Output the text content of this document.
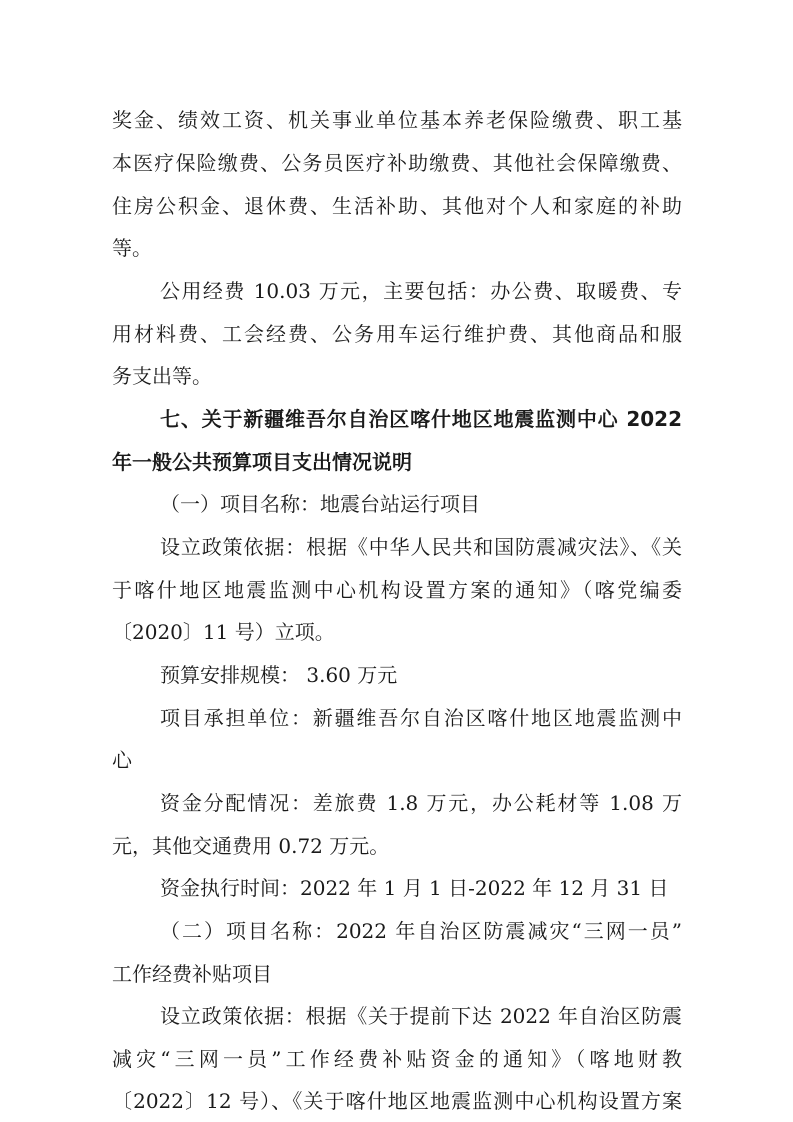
奖金、绩效工资、机关事业单位基本养老保险缴费、职工基
本医疗保险缴费、公务员医疗补助缴费、其他社会保障缴费、
住房公积金、退休费、生活补助、其他对个人和家庭的补助
等。
公用经费 10.03 万元，主要包括：办公费、取暖费、专
用材料费、工会经费、公务用车运行维护费、其他商品和服
务支出等。
七、关于新疆维吾尔自治区喀什地区地震监测中心 2022
年一般公共预算项目支出情况说明
（一）项目名称：地震台站运行项目
设立政策依据：根据《中华人民共和国防震减灾法》、《关
于喀什地区地震监测中心机构设置方案的通知》（喀党编委
〔2020〕11 号）立项。
预算安排规模： 3.60 万元
项目承担单位：新疆维吾尔自治区喀什地区地震监测中
心
资金分配情况：差旅费 1.8 万元，办公耗材等 1.08 万
元，其他交通费用 0.72 万元。
资金执行时间：2022 年 1 月 1 日-2022 年 12 月 31 日
（二）项目名称：2022 年自治区防震减灾“三网一员”
工作经费补贴项目
设立政策依据：根据《关于提前下达 2022 年自治区防震
减灾“三网一员”工作经费补贴资金的通知》（喀地财教
〔2022〕12 号）、《关于喀什地区地震监测中心机构设置方案
